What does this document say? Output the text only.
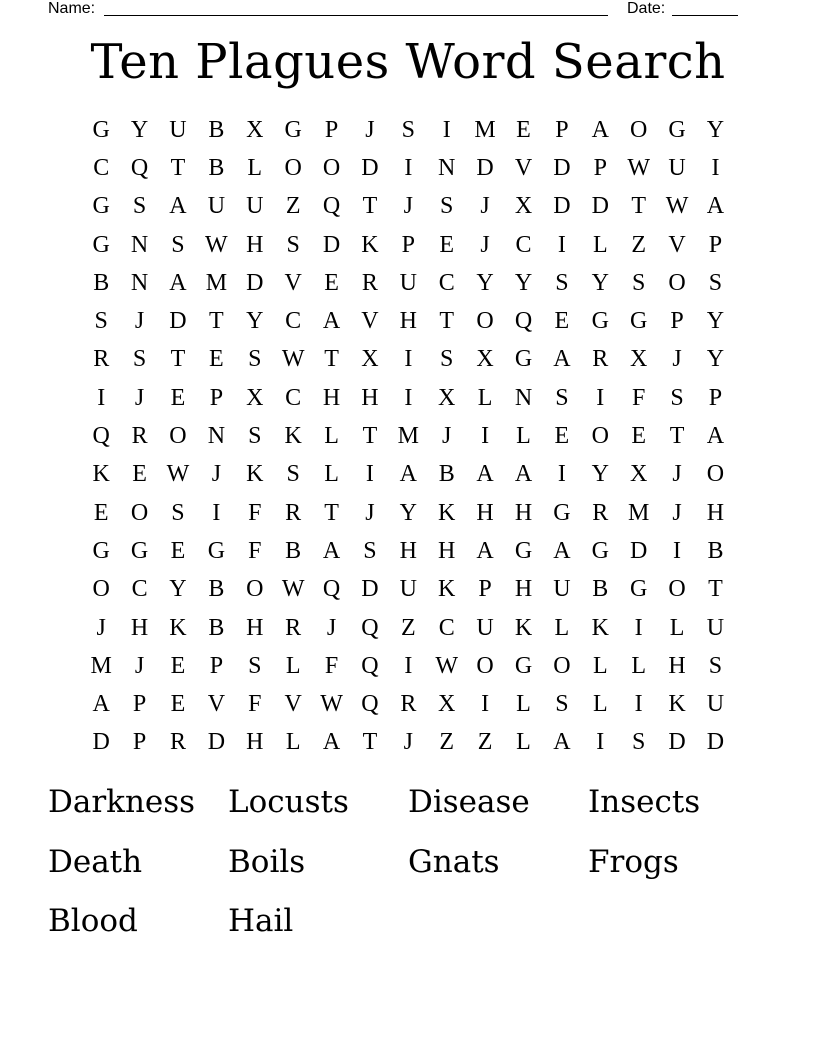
Name:	Date:
Ten Plagues Word Search
G Y U B X G P	J	S	I M E	P A O G Y
C Q T B L O O D	I	N D V D P W U	I
G S A U U Z Q T	J	S	J	X D D T W A
G N S W H S D K P	E	J	C	I	L Z V P
B N A M D V E R U C Y Y S Y S O S
S	J	D T Y C A V H T O Q E G G P Y
R S	T E	S W T X	I	S X G A R X	J	Y
I	J	E	P X C H H	I	X L N S	I	F	S	P
Q R O N S K L T M J	I	L E O E T A
K E W J	K S	L	I	A B A A	I	Y X	J	O
E O S	I	F R T	J	Y K H H G R M J	H
G G E G F B A S H H A G A G D	I	B
O C Y B O W Q D U K P H U B G O T
J	H K B H R	J	Q Z C U K L K	I	L U
M J	E	P	S	L	F Q	I W O G O L L H S
A P	E V F V W Q R X	I	L	S	L	I	K U
D P R D H L A T	J	Z Z L A	I	S D D
Darkness	Locusts	Disease	Insects
Death	Boils	Gnats	Frogs
Blood	Hail
